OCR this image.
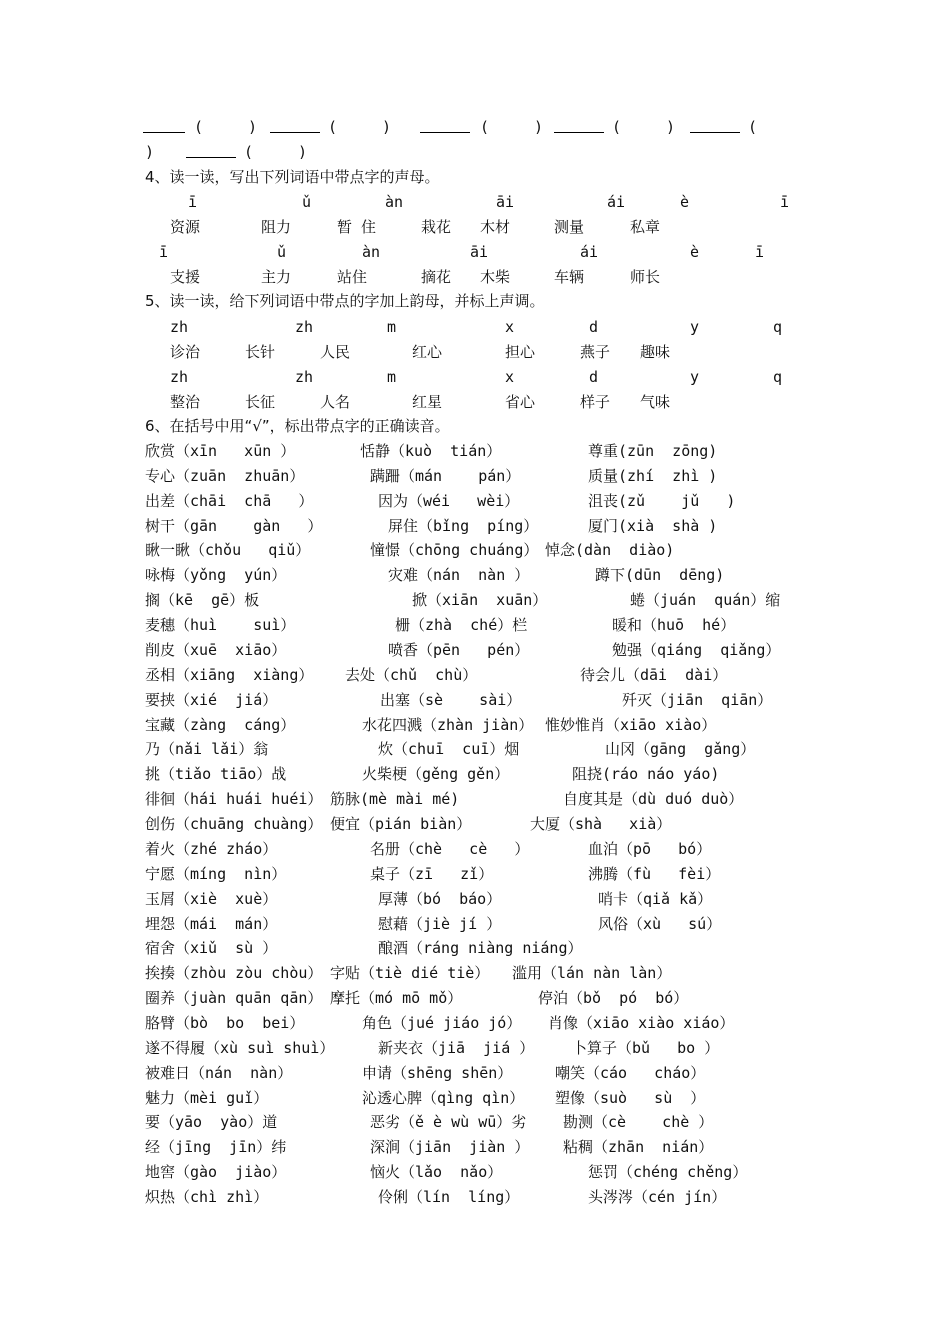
(　　　)	(　　　)	(　　　)	(　　　)	(
)	(　　　)
4、读一读，写出下列词语中带点字的声母。
ī	ǔ	àn	āi	ái	è	ī
资源	阻力	暂 住	栽花 木材	测量	私章
ī	ǔ	àn	āi	ái	è	ī
支援	主力	站住	摘花 木柴	车辆	师长
5、读一读，给下列词语中带点的字加上韵母，并标上声调。
zh	zh	m	x	d	y	q
诊治	长针	人民	红心	担心	燕子 趣味
zh	zh	m	x	d	y	q
整治	长征	人名	红星	省心	样子 气味
6、在括号中用“√”，标出带点字的正确读音。
欣赏（xīn   xūn ）	恬静（kuò  tián）	尊重(zūn  zōng)
专心（zuān  zhuān）	蹒跚（mán    pán）	质量(zhí  zhì )
出差（chāi  chā   ）	因为（wéi   wèi）	沮丧(zǔ    jǔ   )
树干（gān    gàn   ）	屏住（bǐng  píng）	厦门(xià  shà )
瞅一瞅（chǒu   qiǔ）	憧憬（chōng chuáng） 悼念(dàn  diào)
咏梅（yǒng  yún）	灾难（nán  nàn ）	蹲下(dūn  dēng)
搁（kē  gē）板	掀（xiān  xuān）	蜷（juán  quán）缩
麦穗（huì    suì）	栅（zhà  ché）栏	暖和（huō  hé）
削皮（xuē  xiāo）	喷香（pēn   pén）	勉强（qiáng  qiǎng）
丞相（xiāng  xiàng） 去处（chǔ  chù）	待会儿（dāi  dài）
要挟（xié  jiá）	出塞（sè    sài）	歼灭（jiān  qiān）
宝藏（zàng  cáng）	水花四溅（zhàn jiàn） 惟妙惟肖（xiāo xiào）
乃（nǎi lǎi）翁	炊（chuī  cuī）烟	山冈（gāng  gǎng）
挑（tiǎo tiāo）战	火柴梗（gěng gěn）	阻挠(ráo náo yáo)
徘徊（hái huái huéi） 筋脉(mè mài mé)	自度其是（dù duó duò）
创伤（chuāng chuàng） 便宜（pián biàn）	大厦（shà   xià）
着火（zhé zháo）	名册（chè   cè   ）	血泊（pō   bó）
宁愿（míng  nìn）	桌子（zī   zǐ）	沸腾（fù   fèi）
玉屑（xiè  xuè）	厚薄（bó  báo）	哨卡（qiǎ kǎ）
埋怨（mái  mán）	慰藉（jiè jí ）	风俗（xù   sú）
宿舍（xiǔ  sù ）	酿酒（ráng niàng niáng）
挨揍（zhòu zòu chòu） 字贴（tiè dié tiè） 滥用（lán nàn làn）
圈养（juàn quān qān） 摩托（mó mō mǒ）	停泊（bǒ  pó  bó）
胳臂（bò  bo  bei）	角色（jué jiáo jó） 肖像（xiāo xiào xiáo）
遂不得履（xù suì shuì）	新夹衣（jiā  jiá ）	卜算子（bǔ   bo ）
被难日（nán  nàn）	申请（shēng shēn）	嘲笑（cáo   cháo）
魅力（mèi guǐ）	沁透心脾（qìng qìn） 塑像（suò   sù  ）
要（yāo  yào）道	恶劣（ě è wù wū）劣 勘测（cè    chè ）
经（jīng  jīn）纬	深涧（jiān  jiàn ） 粘稠（zhān  nián）
地窖（gào  jiào）	恼火（lǎo  nǎo）	惩罚（chéng chěng）
炽热（chì zhì）	伶俐（lín  líng）	头涔涔（cén jín）
